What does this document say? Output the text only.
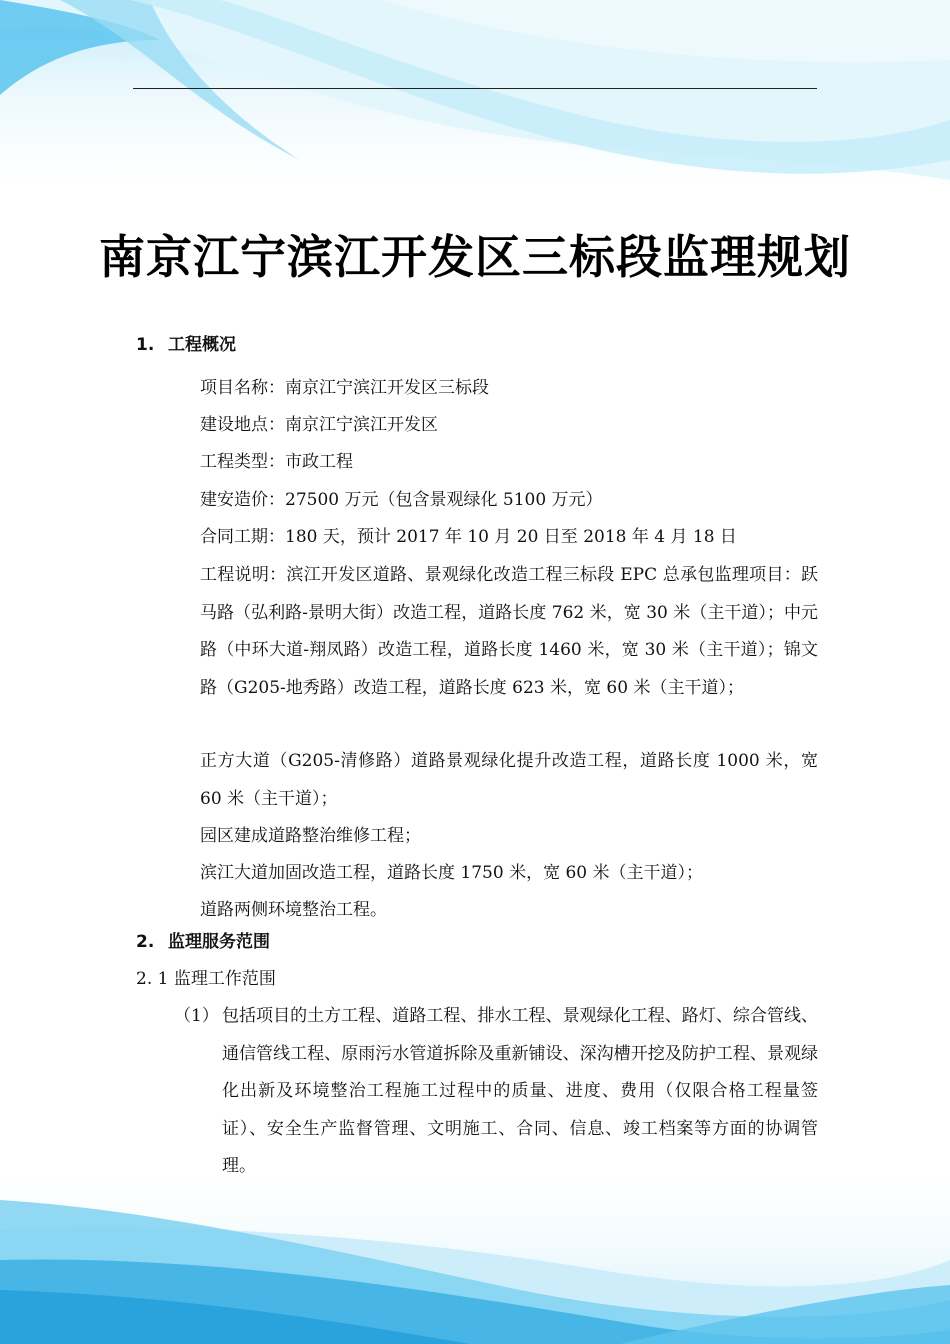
南京江宁滨江开发区三标段监理规划
1. 工程概况
项目名称：南京江宁滨江开发区三标段
建设地点：南京江宁滨江开发区
工程类型：市政工程
建安造价：27500 万元（包含景观绿化 5100 万元）
合同工期：180 天，预计 2017 年 10 月 20 日至 2018 年 4 月 18 日
工程说明：滨江开发区道路、景观绿化改造工程三标段 EPC 总承包监理项目：跃马路（弘利路-景明大街）改造工程，道路长度 762 米，宽 30 米（主干道）；中元路（中环大道-翔凤路）改造工程，道路长度 1460 米，宽 30 米（主干道）；锦文路（G205-地秀路）改造工程，道路长度 623 米，宽 60 米（主干道）；
正方大道（G205-清修路）道路景观绿化提升改造工程，道路长度 1000 米，宽 60 米（主干道）；
园区建成道路整治维修工程；
滨江大道加固改造工程，道路长度 1750 米，宽 60 米（主干道）；
道路两侧环境整治工程。
2. 监理服务范围
2. 1 监理工作范围
（1） 包括项目的土方工程、道路工程、排水工程、景观绿化工程、路灯、综合管线、通信管线工程、原雨污水管道拆除及重新铺设、深沟槽开挖及防护工程、景观绿化出新及环境整治工程施工过程中的质量、进度、费用（仅限合格工程量签证）、安全生产监督管理、文明施工、合同、信息、竣工档案等方面的协调管理。
